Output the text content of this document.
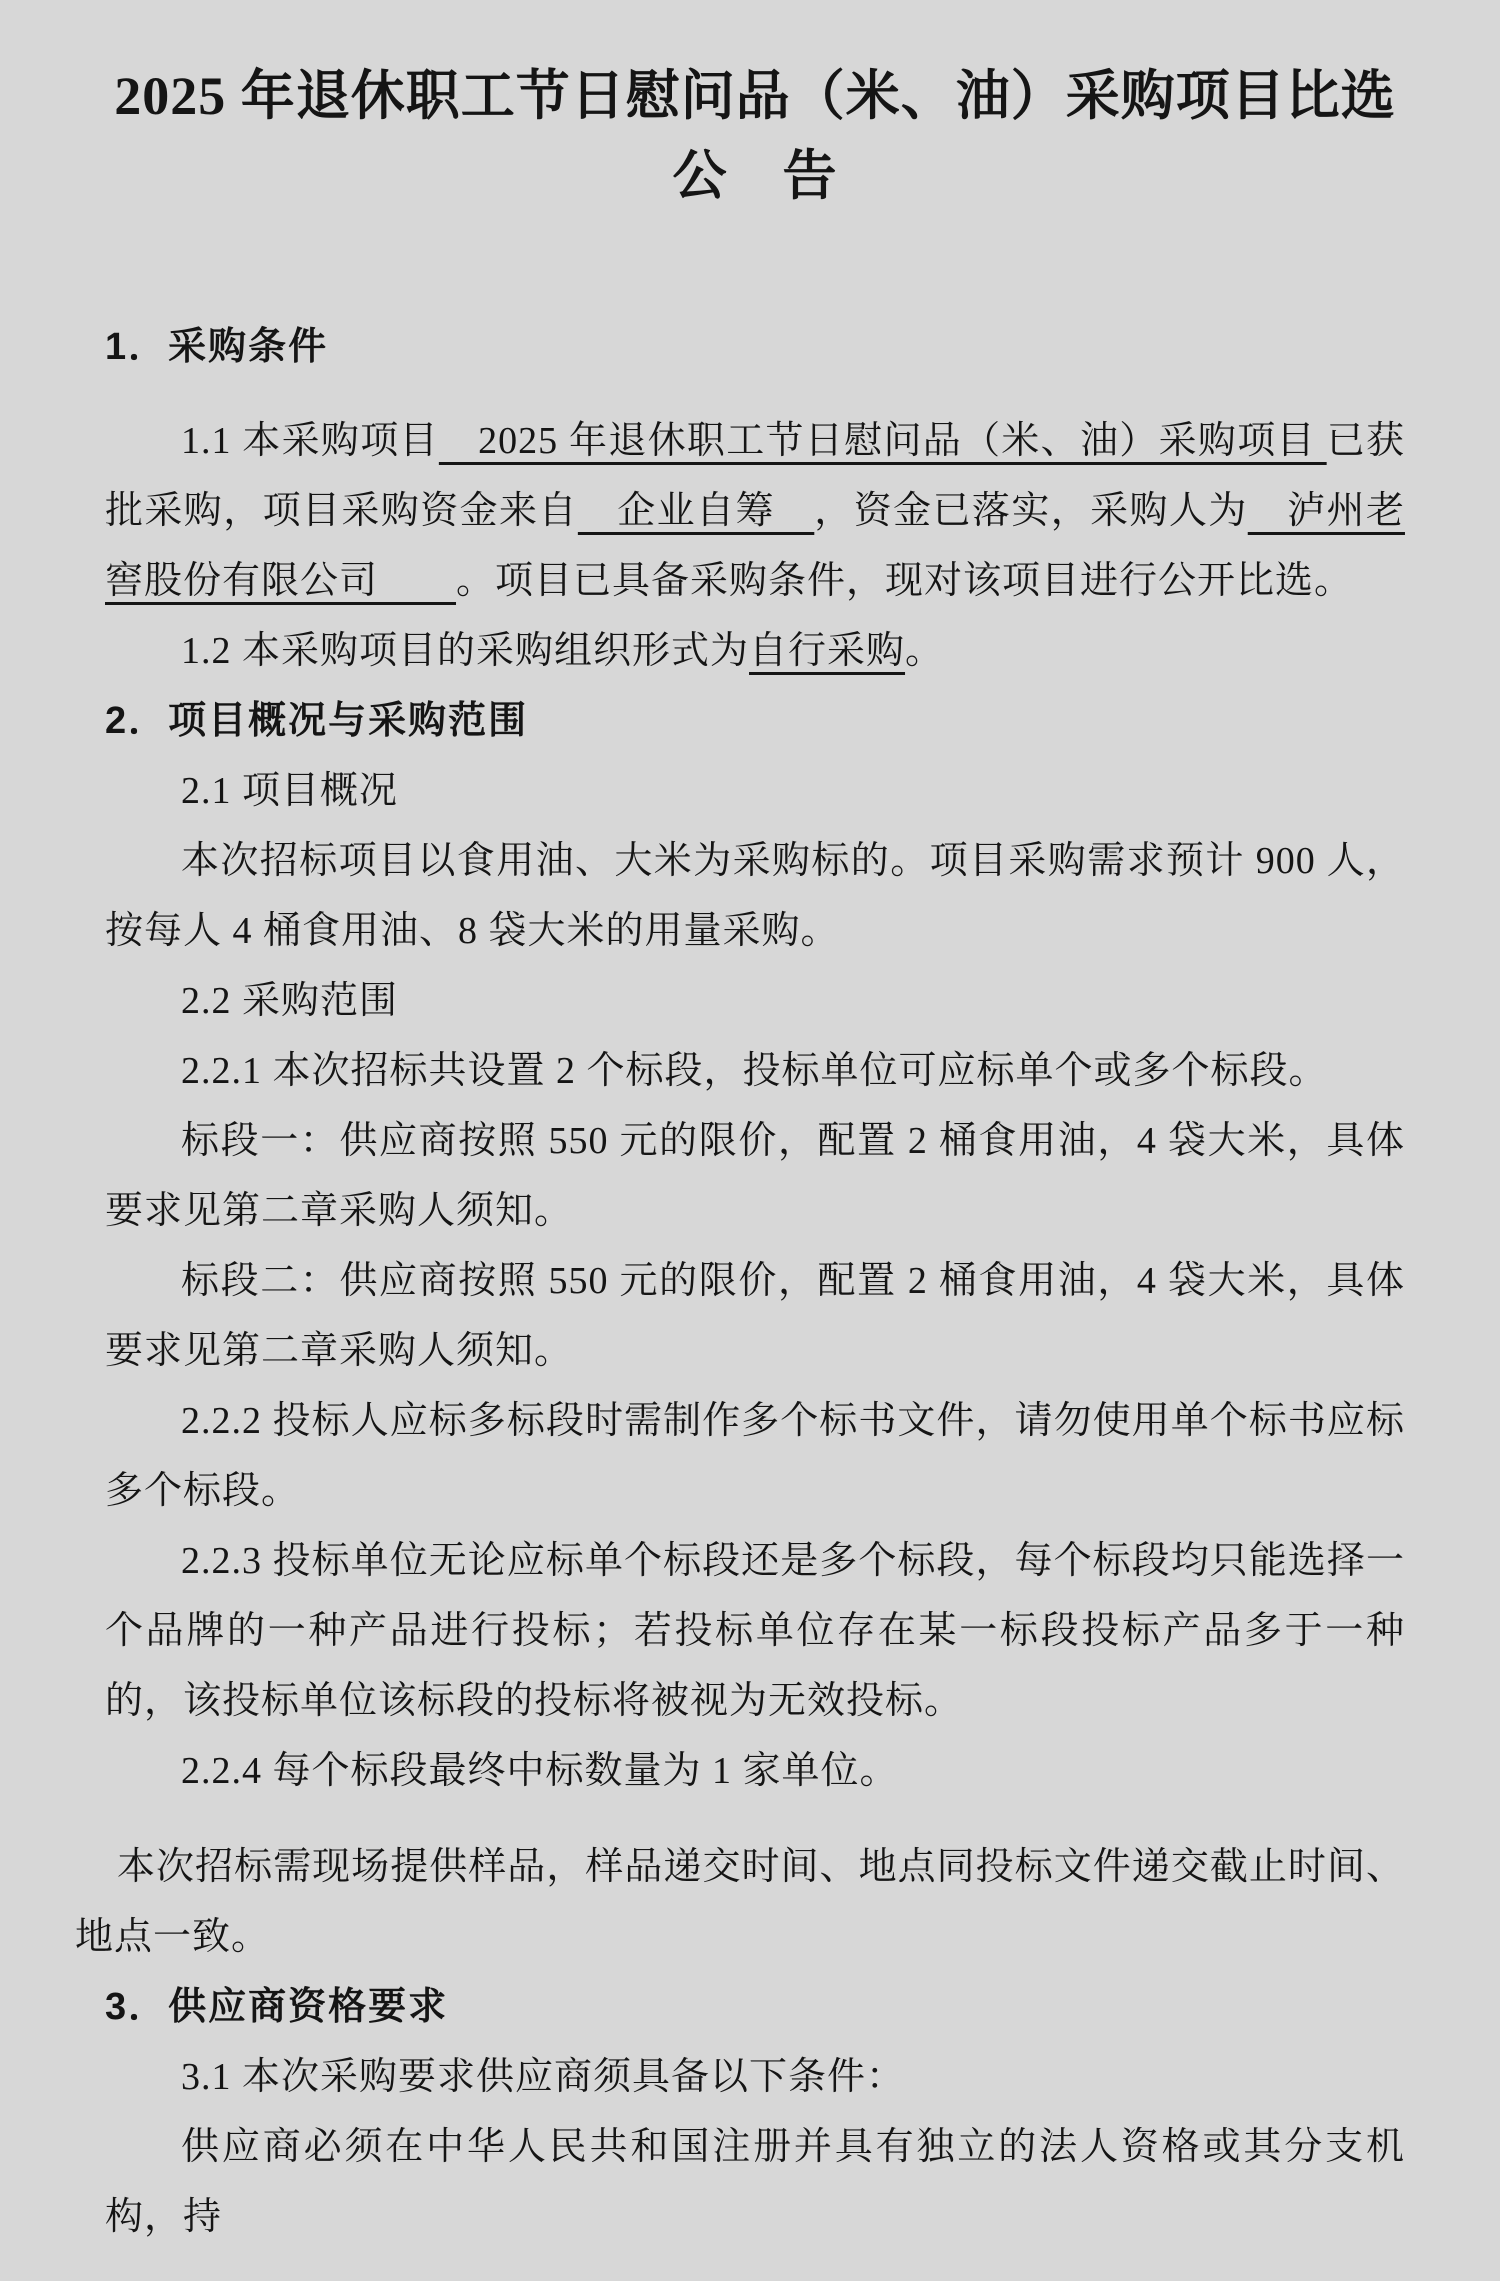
2025 年退休职工节日慰问品（米、油）采购项目比选
公　告
1．采购条件

1.1 本采购项目　2025 年退休职工节日慰问品（米、油）采购项目 已获批采购，项目采购资金来自　企业自筹　，资金已落实，采购人为　泸州老窖股份有限公司　　。项目已具备采购条件，现对该项目进行公开比选。

1.2 本采购项目的采购组织形式为自行采购。

2．项目概况与采购范围

2.1 项目概况

本次招标项目以食用油、大米为采购标的。项目采购需求预计 900 人，按每人 4 桶食用油、8 袋大米的用量采购。

2.2 采购范围

2.2.1 本次招标共设置 2 个标段，投标单位可应标单个或多个标段。

标段一：供应商按照 550 元的限价，配置 2 桶食用油，4 袋大米，具体要求见第二章采购人须知。

标段二：供应商按照 550 元的限价，配置 2 桶食用油，4 袋大米，具体要求见第二章采购人须知。

2.2.2 投标人应标多标段时需制作多个标书文件，请勿使用单个标书应标多个标段。

2.2.3 投标单位无论应标单个标段还是多个标段，每个标段均只能选择一个品牌的一种产品进行投标；若投标单位存在某一标段投标产品多于一种的，该投标单位该标段的投标将被视为无效投标。

2.2.4 每个标段最终中标数量为 1 家单位。

本次招标需现场提供样品，样品递交时间、地点同投标文件递交截止时间、地点一致。

3．供应商资格要求

3.1 本次采购要求供应商须具备以下条件：

供应商必须在中华人民共和国注册并具有独立的法人资格或其分支机构，持
